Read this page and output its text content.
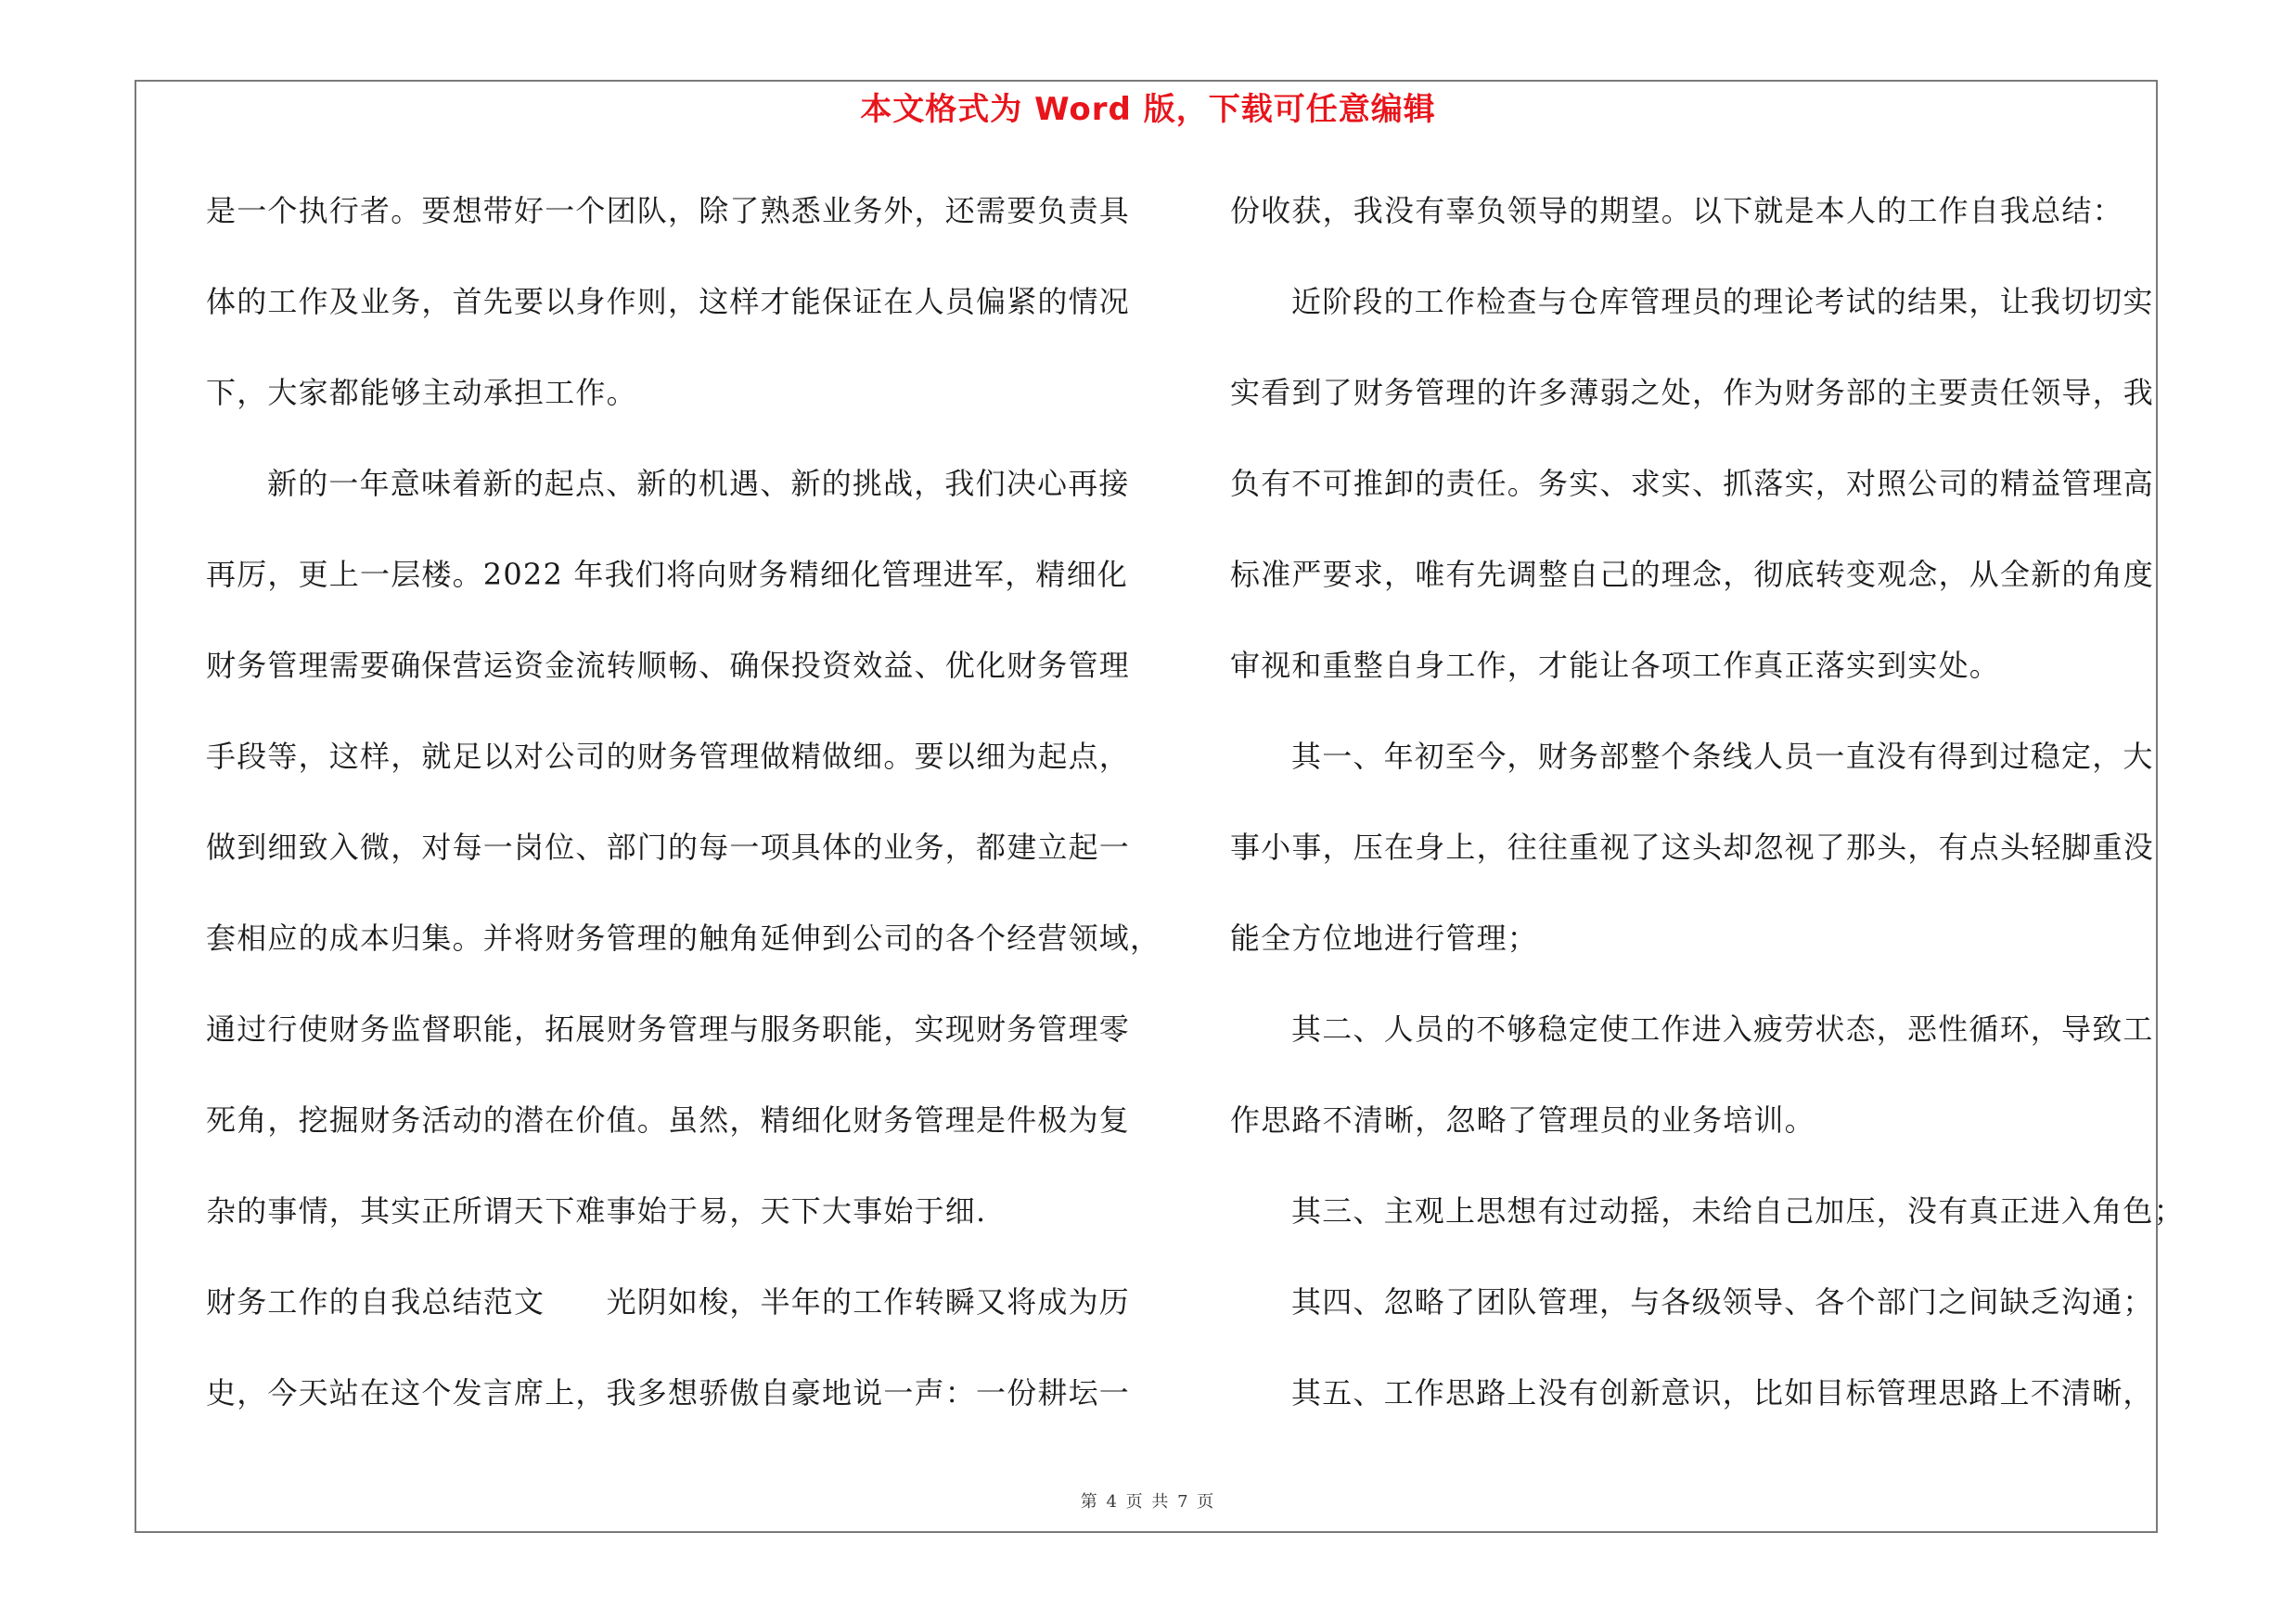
本文格式为 Word 版，下载可任意编辑
是一个执行者。要想带好一个团队，除了熟悉业务外，还需要负责具
体的工作及业务，首先要以身作则，这样才能保证在人员偏紧的情况
下，大家都能够主动承担工作。
新的一年意味着新的起点、新的机遇、新的挑战，我们决心再接
再厉，更上一层楼。2022 年我们将向财务精细化管理进军，精细化
财务管理需要确保营运资金流转顺畅、确保投资效益、优化财务管理
手段等，这样，就足以对公司的财务管理做精做细。要以细为起点，
做到细致入微，对每一岗位、部门的每一项具体的业务，都建立起一
套相应的成本归集。并将财务管理的触角延伸到公司的各个经营领域，
通过行使财务监督职能，拓展财务管理与服务职能，实现财务管理零
死角，挖掘财务活动的潜在价值。虽然，精细化财务管理是件极为复
杂的事情，其实正所谓天下难事始于易，天下大事始于细.
财务工作的自我总结范文　　光阴如梭，半年的工作转瞬又将成为历
史，今天站在这个发言席上，我多想骄傲自豪地说一声：一份耕坛一
份收获，我没有辜负领导的期望。以下就是本人的工作自我总结：
近阶段的工作检查与仓库管理员的理论考试的结果，让我切切实
实看到了财务管理的许多薄弱之处，作为财务部的主要责任领导，我
负有不可推卸的责任。务实、求实、抓落实，对照公司的精益管理高
标准严要求，唯有先调整自己的理念，彻底转变观念，从全新的角度
审视和重整自身工作，才能让各项工作真正落实到实处。
其一、年初至今，财务部整个条线人员一直没有得到过稳定，大
事小事，压在身上，往往重视了这头却忽视了那头，有点头轻脚重没
能全方位地进行管理；
其二、人员的不够稳定使工作进入疲劳状态，恶性循环，导致工
作思路不清晰，忽略了管理员的业务培训。
其三、主观上思想有过动摇，未给自己加压，没有真正进入角色；
其四、忽略了团队管理，与各级领导、各个部门之间缺乏沟通；
其五、工作思路上没有创新意识，比如目标管理思路上不清晰，
第 4 页 共 7 页
